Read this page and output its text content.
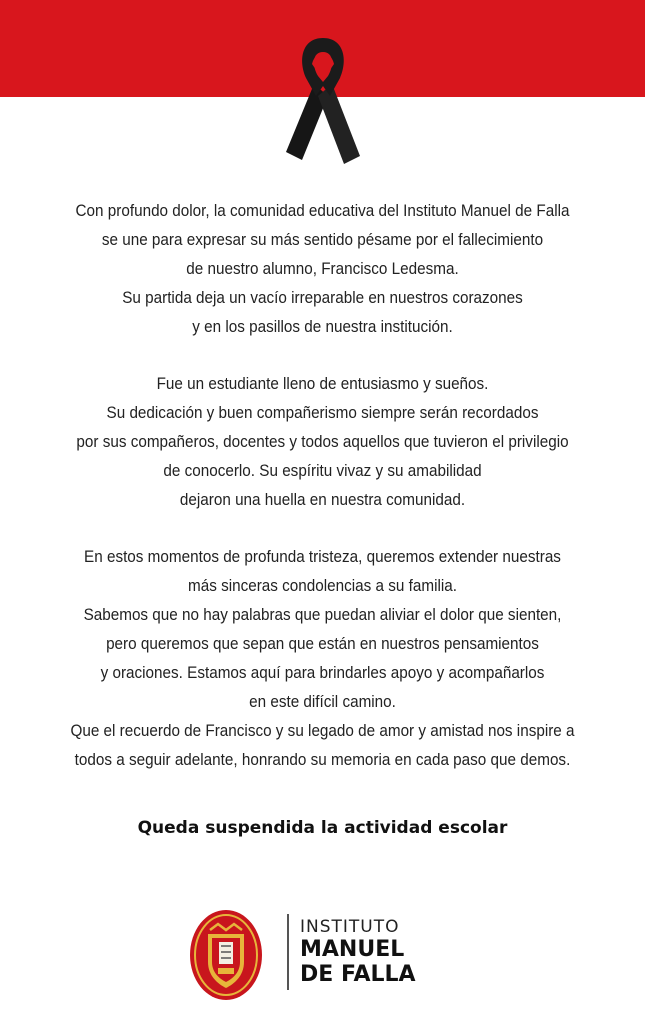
Con profundo dolor, la comunidad educativa del Instituto Manuel de Falla
se une para expresar su más sentido pésame por el fallecimiento
de nuestro alumno, Francisco Ledesma.
Su partida deja un vacío irreparable en nuestros corazones
y en los pasillos de nuestra institución.

Fue un estudiante lleno de entusiasmo y sueños.
Su dedicación y buen compañerismo siempre serán recordados
por sus compañeros, docentes y todos aquellos que tuvieron el privilegio
de conocerlo. Su espíritu vivaz y su amabilidad
dejaron una huella en nuestra comunidad.

En estos momentos de profunda tristeza, queremos extender nuestras
más sinceras condolencias a su familia.
Sabemos que no hay palabras que puedan aliviar el dolor que sienten,
pero queremos que sepan que están en nuestros pensamientos
y oraciones. Estamos aquí para brindarles apoyo y acompañarlos
en este difícil camino.
Que el recuerdo de Francisco y su legado de amor y amistad nos inspire a
todos a seguir adelante, honrando su memoria en cada paso que demos.

Queda suspendida la actividad escolar
INSTITUTO
MANUEL
DE FALLA
